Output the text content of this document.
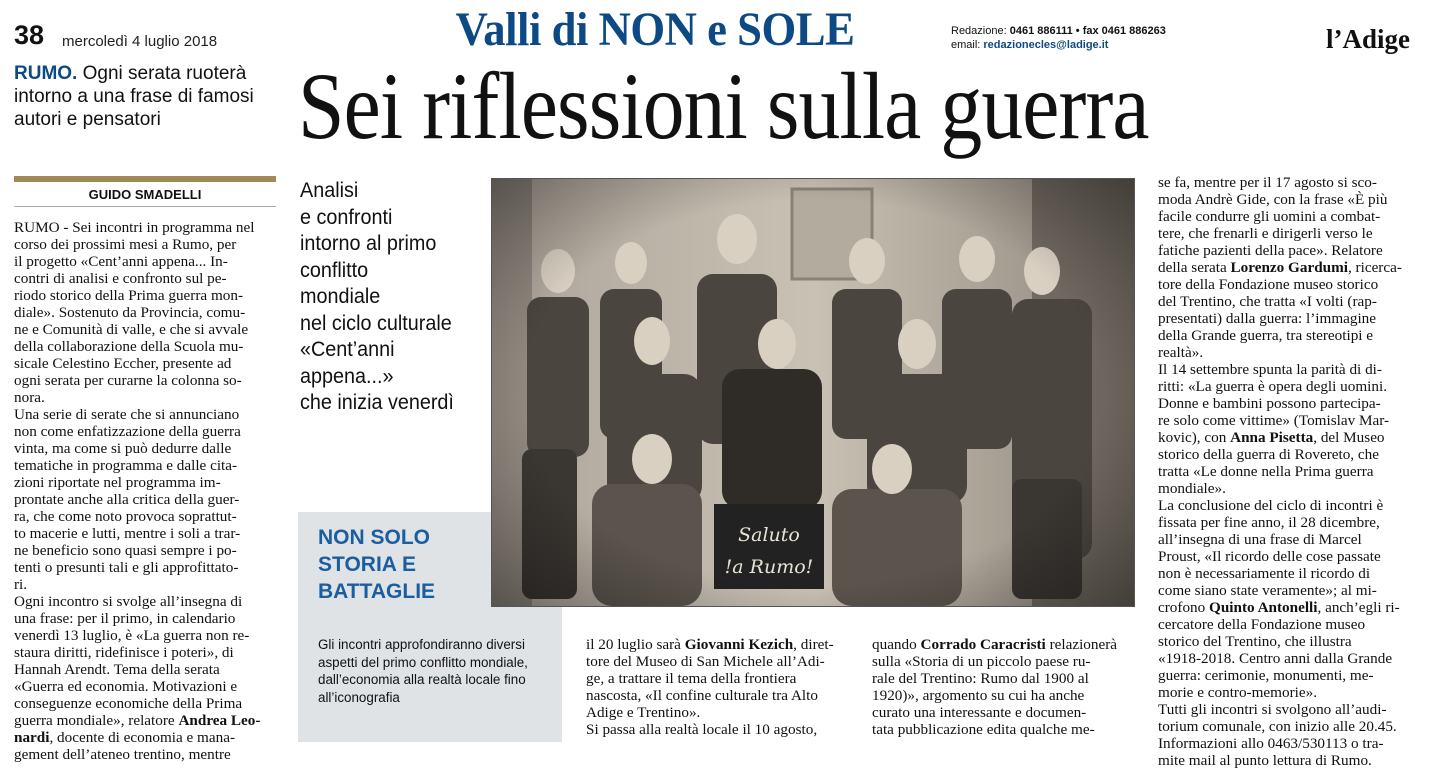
38 mercoledì 4 luglio 2018	Valli di NON e SOLE	Redazione: 0461 886111 • fax 0461 886263
email: redazionecles@ladige.it	l’Adige
RUMO. Ogni serata ruoterà intorno a una frase di famosi autori e pensatori	Sei riflessioni sulla guerra
GUIDO SMADELLI

RUMO - Sei incontri in programma nel

corso dei prossimi mesi a Rumo, per

il progetto «Cent’anni appena... In-

contri di analisi e confronto sul pe-

riodo storico della Prima guerra mon-

diale». Sostenuto da Provincia, comu-

ne e Comunità di valle, e che si avvale

della collaborazione della Scuola mu-

sicale Celestino Eccher, presente ad

ogni serata per curarne la colonna so-

nora.

Una serie di serate che si annunciano

non come enfatizzazione della guerra

vinta, ma come si può dedurre dalle

tematiche in programma e dalle cita-

zioni riportate nel programma im-

prontate anche alla critica della guer-

ra, che come noto provoca soprattut-

to macerie e lutti, mentre i soli a trar-

ne beneficio sono quasi sempre i po-

tenti o presunti tali e gli approfittato-

ri.

Ogni incontro si svolge all’insegna di

una frase: per il primo, in calendario

venerdì 13 luglio, è «La guerra non re-

staura diritti, ridefinisce i poteri», di

Hannah Arendt. Tema della serata

«Guerra ed economia. Motivazioni e

conseguenze economiche della Prima

guerra mondiale», relatore Andrea Leo-

nardi, docente di economia e mana-

gement dell’ateneo trentino, mentre

il 20 luglio sarà Giovanni Kezich, diret-

tore del Museo di San Michele all’Adi-

ge, a trattare il tema della frontiera

nascosta, «Il confine culturale tra Alto

Adige e Trentino».

Si passa alla realtà locale il 10 agosto,

quando Corrado Caracristi relazionerà

sulla «Storia di un piccolo paese ru-

rale del Trentino: Rumo dal 1900 al

1920)», argomento su cui ha anche

curato una interessante e documen-

tata pubblicazione edita qualche me-

se fa, mentre per il 17 agosto si sco-

moda Andrè Gide, con la frase «È più

facile condurre gli uomini a combat-

tere, che frenarli e dirigerli verso le

fatiche pazienti della pace». Relatore

della serata Lorenzo Gardumi, ricerca-

tore della Fondazione museo storico

del Trentino, che tratta «I volti (rap-

presentati) dalla guerra: l’immagine

della Grande guerra, tra stereotipi e

realtà».

Il 14 settembre spunta la parità di di-

ritti: «La guerra è opera degli uomini.

Donne e bambini possono partecipa-

re solo come vittime» (Tomislav Mar-

kovic), con Anna Pisetta, del Museo

storico della guerra di Rovereto, che

tratta «Le donne nella Prima guerra

mondiale».

La conclusione del ciclo di incontri è

fissata per fine anno, il 28 dicembre,

all’insegna di una frase di Marcel

Proust, «Il ricordo delle cose passate

non è necessariamente il ricordo di

come siano state veramente»; al mi-

crofono Quinto Antonelli, anch’egli ri-

cercatore della Fondazione museo

storico del Trentino, che illustra

«1918-2018. Centro anni dalla Grande

guerra: cerimonie, monumenti, me-

morie e contro-memorie».

Tutti gli incontri si svolgono all’audi-

torium comunale, con inizio alle 20.45.

Informazioni allo 0463/530113 o tra-

mite mail al punto lettura di Rumo.

Analisi
e confronti
intorno al primo
conflitto
mondiale
nel ciclo culturale
«Cent’anni
appena...»
che inizia venerdì
NON SOLO
STORIA E
BATTAGLIE
Gli incontri approfondiranno diversi aspetti del primo conflitto mondiale, dall’economia alla realtà locale fino all’iconografia
